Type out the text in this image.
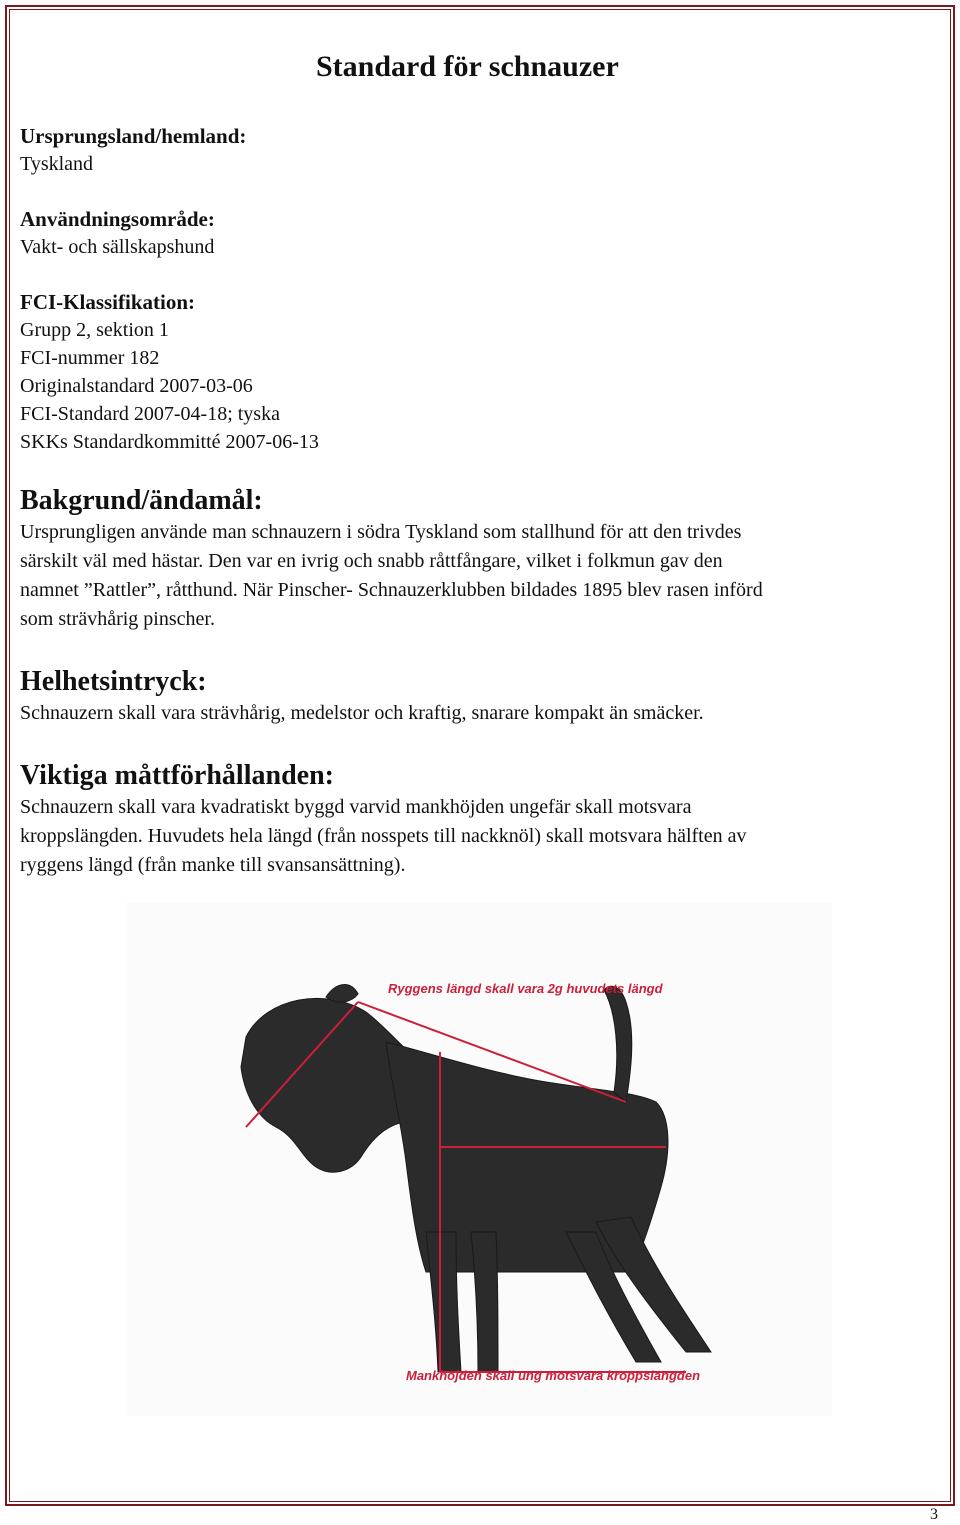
Standard för schnauzer

Ursprungsland/hemland:

Tyskland

Användningsområde:

Vakt- och sällskapshund

FCI-Klassifikation:

Grupp 2, sektion 1

FCI-nummer 182

Originalstandard 2007-03-06

FCI-Standard 2007-04-18; tyska

SKKs Standardkommitté 2007-06-13

Bakgrund/ändamål:

Ursprungligen använde man schnauzern i södra Tyskland som stallhund för att den trivdes

särskilt väl med hästar. Den var en ivrig och snabb råttfångare, vilket i folkmun gav den

namnet ”Rattler”, råtthund. När Pinscher- Schnauzerklubben bildades 1895 blev rasen införd

som strävhårig pinscher.

Helhetsintryck:

Schnauzern skall vara strävhårig, medelstor och kraftig, snarare kompakt än smäcker.

Viktiga måttförhållanden:

Schnauzern skall vara kvadratiskt byggd varvid mankhöjden ungefär skall motsvara

kroppslängden. Huvudets hela längd (från nosspets till nackknöl) skall motsvara hälften av

ryggens längd (från manke till svansansättning).

Ryggens längd skall vara 2g huvudets längd
Mankhöjden skall ung motsvara kroppslängden
3
